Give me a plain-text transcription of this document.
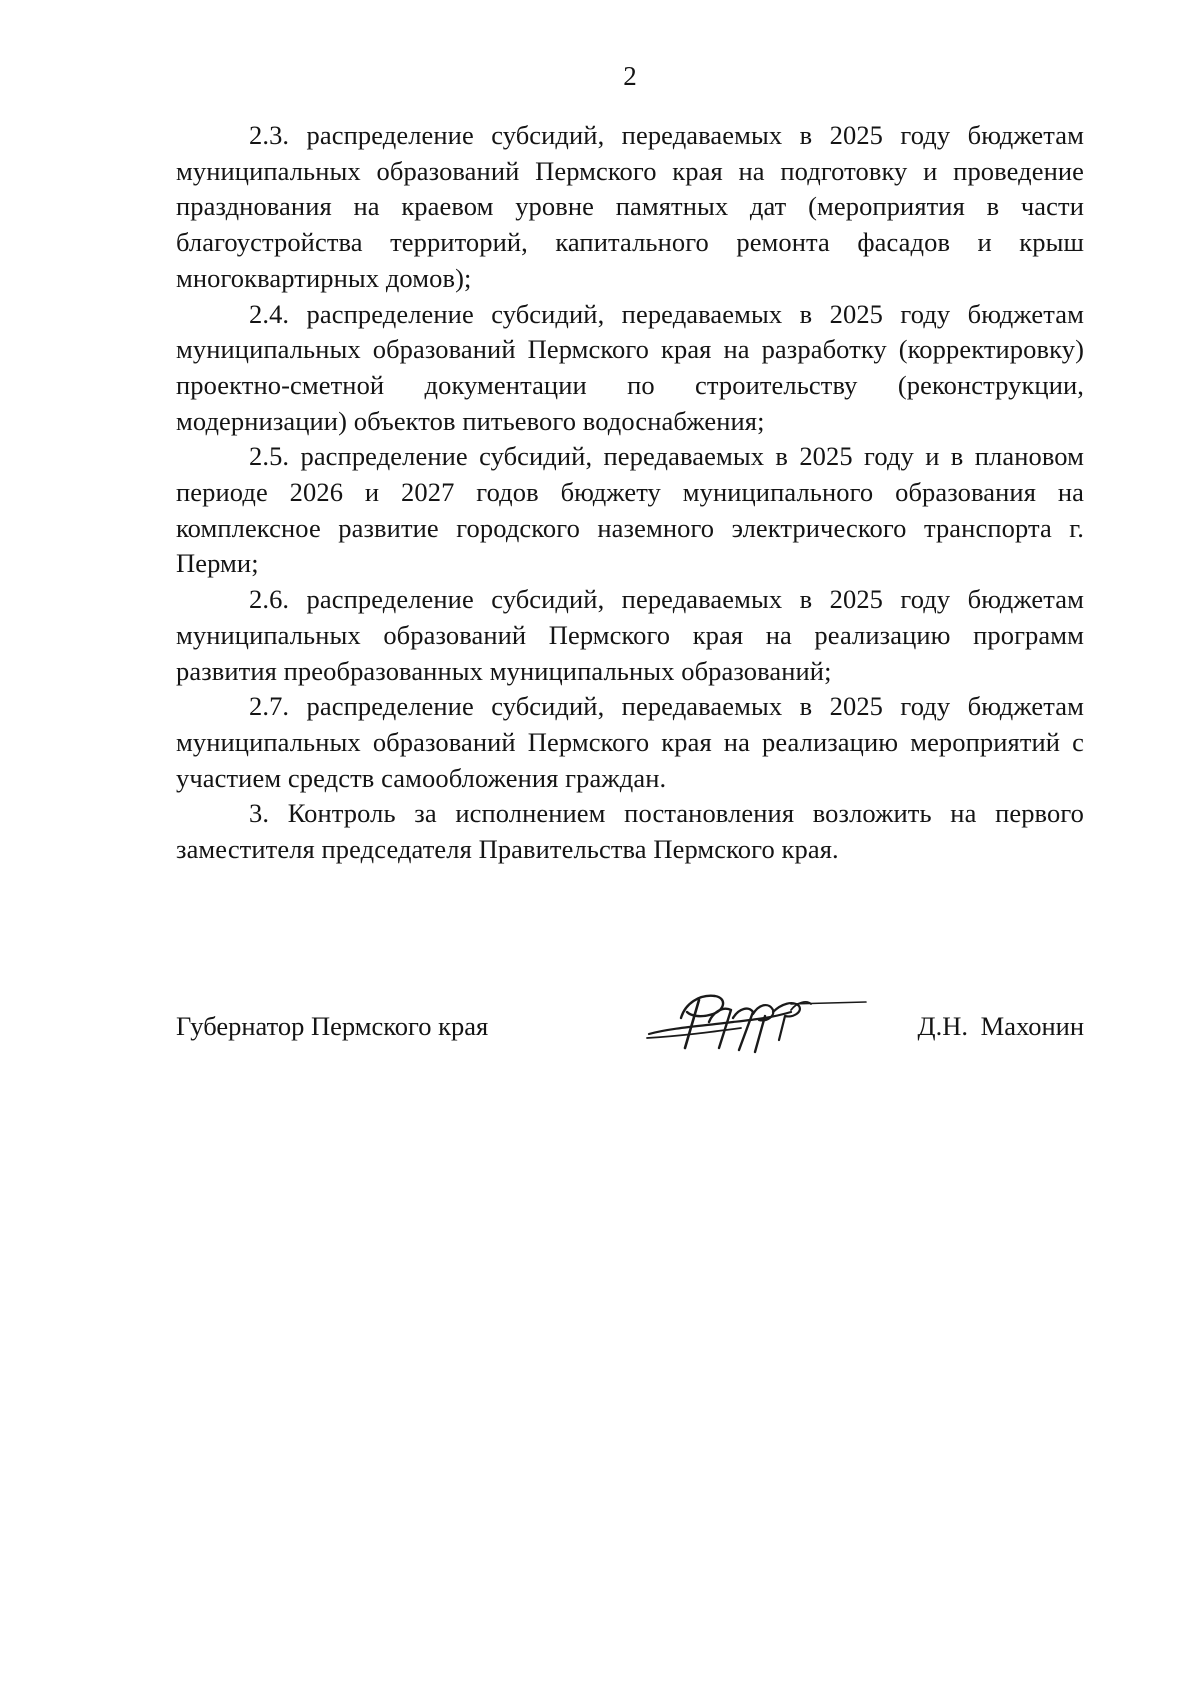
2

2.3. распределение субсидий, передаваемых в 2025 году бюджетам муниципальных образований Пермского края на подготовку и проведение празднования на краевом уровне памятных дат (мероприятия в части благоустройства территорий, капитального ремонта фасадов и крыш многоквартирных домов);

2.4. распределение субсидий, передаваемых в 2025 году бюджетам муниципальных образований Пермского края на разработку (корректировку) проектно-сметной документации по строительству (реконструкции, модернизации) объектов питьевого водоснабжения;

2.5. распределение субсидий, передаваемых в 2025 году и в плановом периоде 2026 и 2027 годов бюджету муниципального образования на комплексное развитие городского наземного электрического транспорта г. Перми;

2.6. распределение субсидий, передаваемых в 2025 году бюджетам муниципальных образований Пермского края на реализацию программ развития преобразованных муниципальных образований;

2.7. распределение субсидий, передаваемых в 2025 году бюджетам муниципальных образований Пермского края на реализацию мероприятий с участием средств самообложения граждан.

3. Контроль за исполнением постановления возложить на первого заместителя председателя Правительства Пермского края.

Губернатор Пермского края	Д.Н. Махонин
